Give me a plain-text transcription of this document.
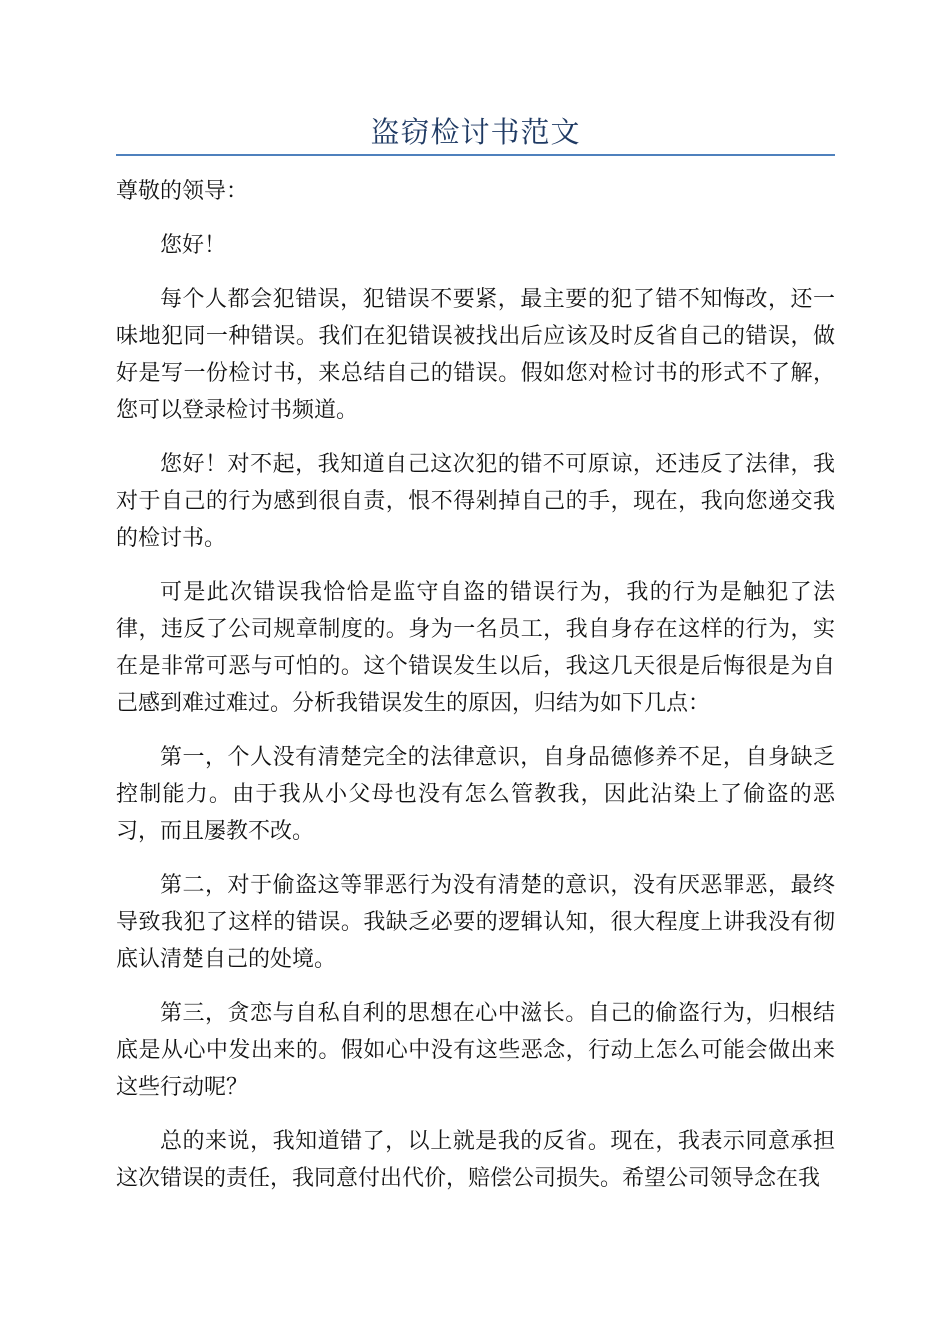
盗窃检讨书范文

尊敬的领导：

您好！

每个人都会犯错误，犯错误不要紧，最主要的犯了错不知悔改，还一味地犯同一种错误。我们在犯错误被找出后应该及时反省自己的错误，做好是写一份检讨书，来总结自己的错误。假如您对检讨书的形式不了解，您可以登录检讨书频道。

您好！对不起，我知道自己这次犯的错不可原谅，还违反了法律，我对于自己的行为感到很自责，恨不得剁掉自己的手，现在，我向您递交我的检讨书。

可是此次错误我恰恰是监守自盗的错误行为，我的行为是触犯了法律，违反了公司规章制度的。身为一名员工，我自身存在这样的行为，实在是非常可恶与可怕的。这个错误发生以后，我这几天很是后悔很是为自己感到难过难过。分析我错误发生的原因，归结为如下几点：

第一，个人没有清楚完全的法律意识，自身品德修养不足，自身缺乏控制能力。由于我从小父母也没有怎么管教我，因此沾染上了偷盗的恶习，而且屡教不改。

第二，对于偷盗这等罪恶行为没有清楚的意识，没有厌恶罪恶，最终导致我犯了这样的错误。我缺乏必要的逻辑认知，很大程度上讲我没有彻底认清楚自己的处境。

第三，贪恋与自私自利的思想在心中滋长。自己的偷盗行为，归根结底是从心中发出来的。假如心中没有这些恶念，行动上怎么可能会做出来这些行动呢？

总的来说，我知道错了，以上就是我的反省。现在，我表示同意承担这次错误的责任，我同意付出代价，赔偿公司损失。希望公司领导念在我
